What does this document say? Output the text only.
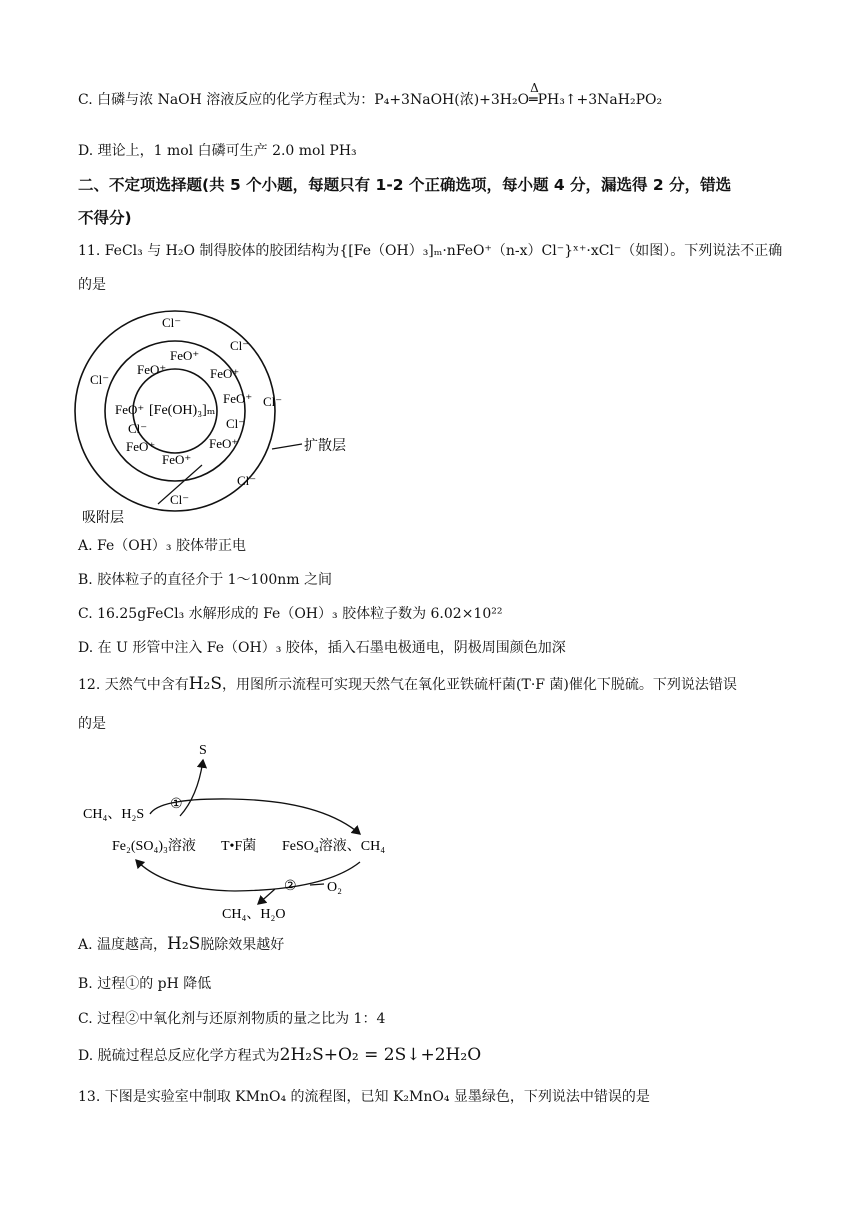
C. 白磷与浓 NaOH 溶液反应的化学方程式为：P₄+3NaOH(浓)+3H₂O
Δ
═PH₃↑+3NaH₂PO₂
D. 理论上，1 mol 白磷可生产 2.0 mol PH₃
二、不定项选择题(共 5 个小题，每题只有 1-2 个正确选项，每小题 4 分，漏选得 2 分，错选
不得分)
11. FeCl₃ 与 H₂O 制得胶体的胶团结构为{[Fe（OH）₃]ₘ·nFeO⁺（n-x）Cl⁻}ˣ⁺·xCl⁻（如图）。下列说法不正确
的是
[Fe(OH)₃]ₘ
FeO⁺
FeO⁺	FeO⁺
FeO⁺
FeO⁺
FeO⁺	FeO⁺
FeO⁺
Cl⁻
Cl⁻
Cl⁻
Cl⁻
Cl⁻	Cl⁻
Cl⁻
Cl⁻
扩散层
吸附层
A. Fe（OH）₃ 胶体带正电
B. 胶体粒子的直径介于 1～100nm 之间
C. 16.25gFeCl₃ 水解形成的 Fe（OH）₃ 胶体粒子数为 6.02×10²²
D. 在 U 形管中注入 Fe（OH）₃ 胶体，插入石墨电极通电，阴极周围颜色加深
12. 天然气中含有H₂S，用图所示流程可实现天然气在氧化亚铁硫杆菌(T·F 菌)催化下脱硫。下列说法错误
的是
S
CH₄、H₂S
①
Fe₂(SO₄)₃溶液 T•F菌 FeSO₄溶液、CH₄
② O₂
CH₄、H₂O
A. 温度越高，H₂S脱除效果越好
B. 过程①的 pH 降低
C. 过程②中氧化剂与还原剂物质的量之比为 1：4
D. 脱硫过程总反应化学方程式为2H₂S+O₂ = 2S↓+2H₂O
13. 下图是实验室中制取 KMnO₄ 的流程图，已知 K₂MnO₄ 显墨绿色，下列说法中错误的是
